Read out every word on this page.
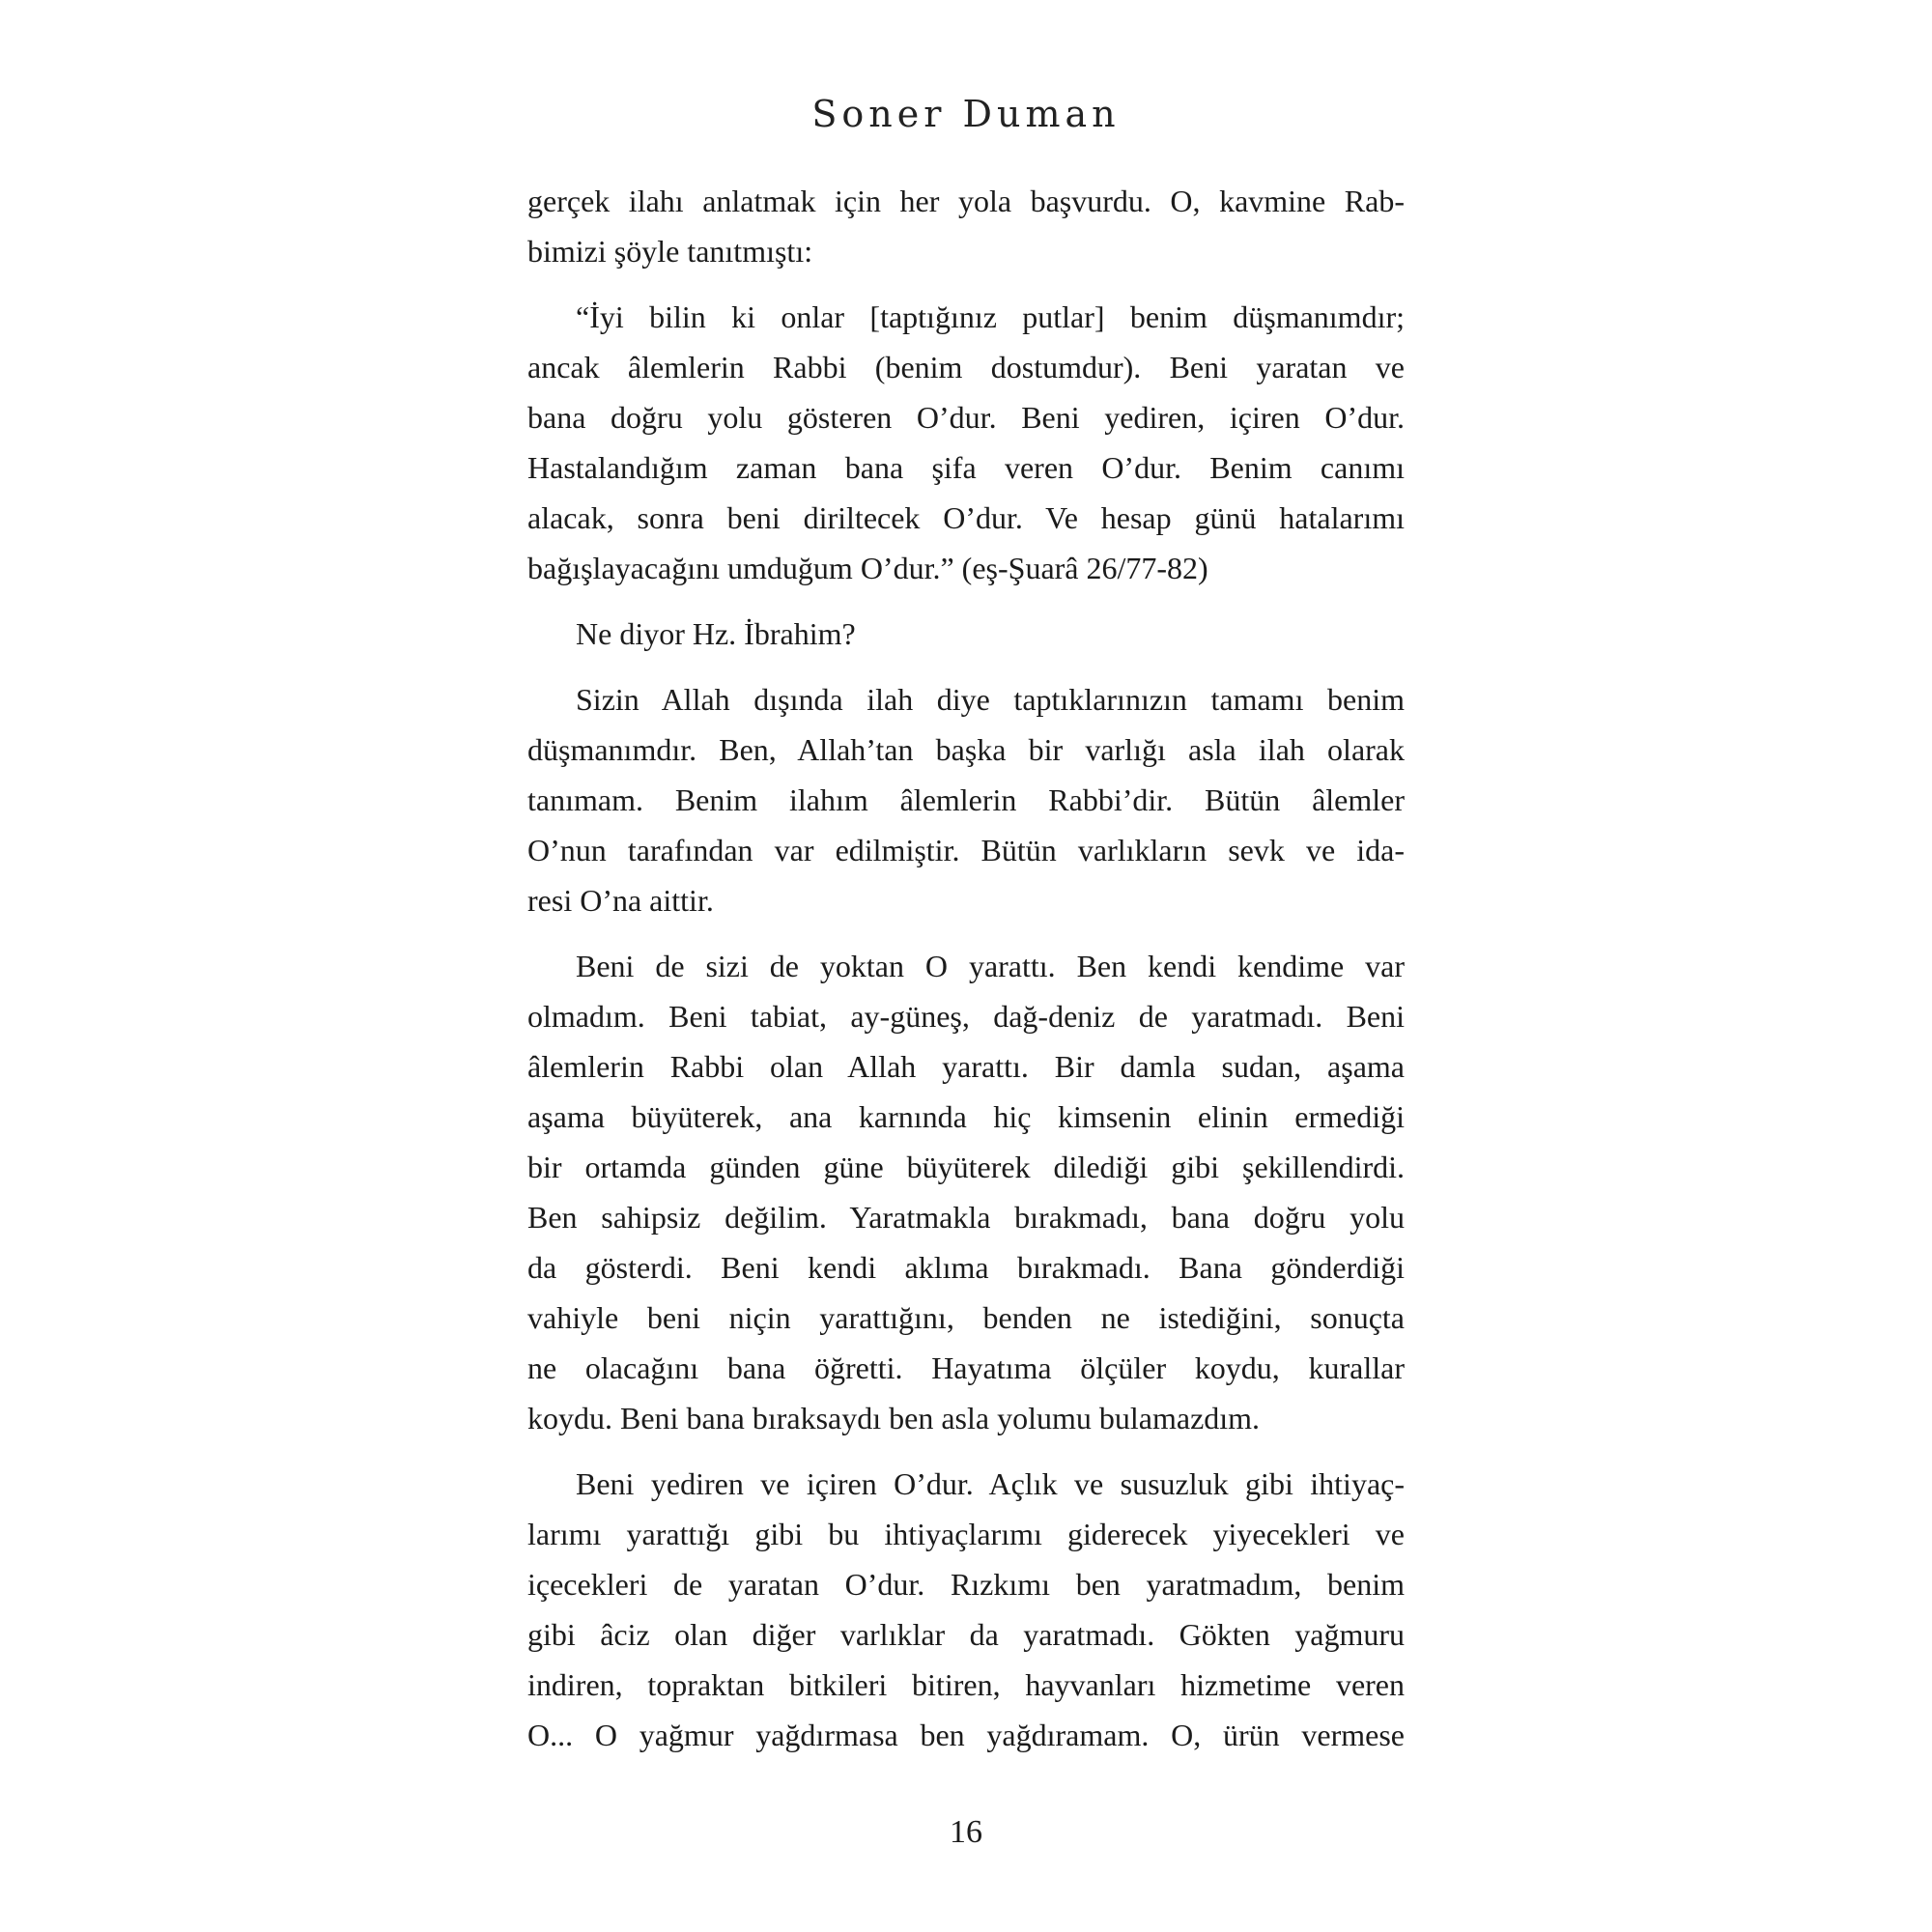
Soner Duman
gerçek ilahı anlatmak için her yola başvurdu. O, kavmine Rab-
bimizi şöyle tanıtmıştı:
“İyi bilin ki onlar [taptığınız putlar] benim düşmanımdır;
ancak âlemlerin Rabbi (benim dostumdur). Beni yaratan ve
bana doğru yolu gösteren O’dur. Beni yediren, içiren O’dur.
Hastalandığım zaman bana şifa veren O’dur. Benim canımı
alacak, sonra beni diriltecek O’dur. Ve hesap günü hatalarımı
bağışlayacağını umduğum O’dur.” (eş-Şuarâ 26/77-82)
Ne diyor Hz. İbrahim?
Sizin Allah dışında ilah diye taptıklarınızın tamamı benim
düşmanımdır. Ben, Allah’tan başka bir varlığı asla ilah olarak
tanımam. Benim ilahım âlemlerin Rabbi’dir. Bütün âlemler
O’nun tarafından var edilmiştir. Bütün varlıkların sevk ve ida-
resi O’na aittir.
Beni de sizi de yoktan O yarattı. Ben kendi kendime var
olmadım. Beni tabiat, ay-güneş, dağ-deniz de yaratmadı. Beni
âlemlerin Rabbi olan Allah yarattı. Bir damla sudan, aşama
aşama büyüterek, ana karnında hiç kimsenin elinin ermediği
bir ortamda günden güne büyüterek dilediği gibi şekillendirdi.
Ben sahipsiz değilim. Yaratmakla bırakmadı, bana doğru yolu
da gösterdi. Beni kendi aklıma bırakmadı. Bana gönderdiği
vahiyle beni niçin yarattığını, benden ne istediğini, sonuçta
ne olacağını bana öğretti. Hayatıma ölçüler koydu, kurallar
koydu. Beni bana bıraksaydı ben asla yolumu bulamazdım.
Beni yediren ve içiren O’dur. Açlık ve susuzluk gibi ihtiyaç-
larımı yarattığı gibi bu ihtiyaçlarımı giderecek yiyecekleri ve
içecekleri de yaratan O’dur. Rızkımı ben yaratmadım, benim
gibi âciz olan diğer varlıklar da yaratmadı. Gökten yağmuru
indiren, topraktan bitkileri bitiren, hayvanları hizmetime veren
O... O yağmur yağdırmasa ben yağdıramam. O, ürün vermese
16
